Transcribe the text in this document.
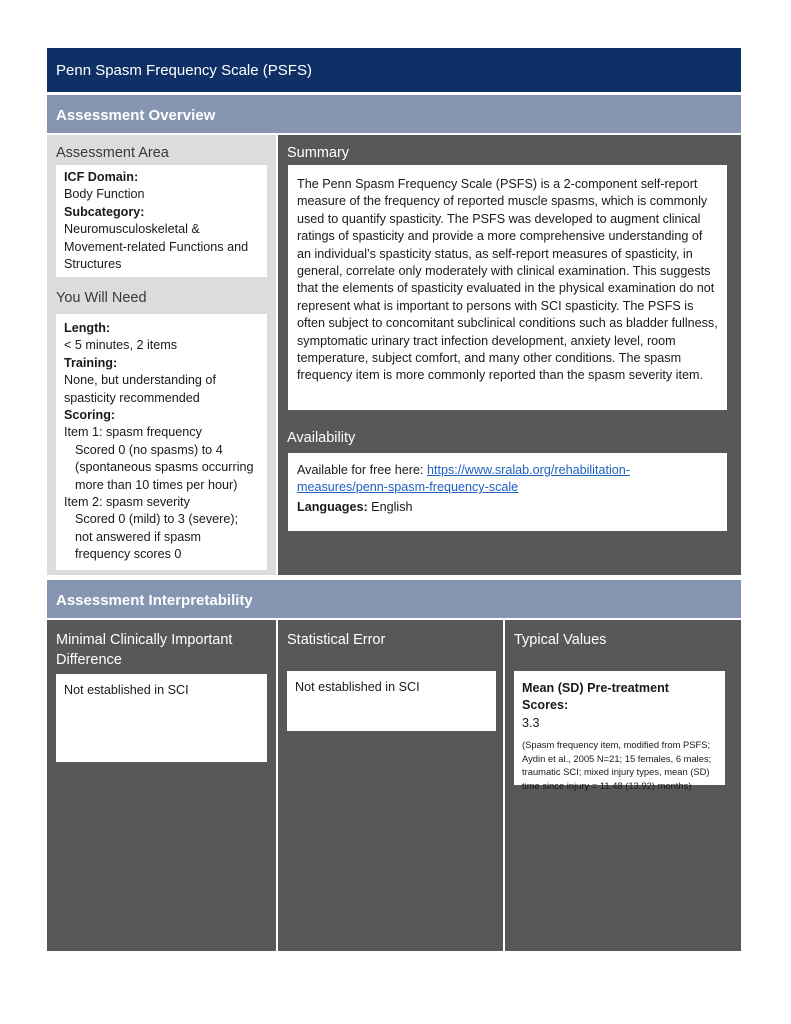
Penn Spasm Frequency Scale (PSFS)
Assessment Overview
Assessment Area
ICF Domain:
Body Function
Subcategory:
Neuromusculoskeletal & Movement-related Functions and Structures
You Will Need
Length:
< 5 minutes, 2 items
Training:
None, but understanding of spasticity recommended
Scoring:
Item 1: spasm frequency
Scored 0 (no spasms) to 4 (spontaneous spasms occurring more than 10 times per hour)
Item 2: spasm severity
Scored 0 (mild) to 3 (severe); not answered if spasm frequency scores 0
Summary
The Penn Spasm Frequency Scale (PSFS) is a 2-component self-report measure of the frequency of reported muscle spasms, which is commonly used to quantify spasticity. The PSFS was developed to augment clinical ratings of spasticity and provide a more comprehensive understanding of an individual’s spasticity status, as self-report measures of spasticity, in general, correlate only moderately with clinical examination. This suggests that the elements of spasticity evaluated in the physical examination do not represent what is important to persons with SCI spasticity. The PSFS is often subject to concomitant subclinical conditions such as bladder fullness, symptomatic urinary tract infection development, anxiety level, room temperature, subject comfort, and many other conditions. The spasm frequency item is more commonly reported than the spasm severity item.
Availability
Available for free here: https://www.sralab.org/rehabilitation-measures/penn-spasm-frequency-scale
Languages: English
Assessment Interpretability
Minimal Clinically Important Difference
Not established in SCI
Statistical Error
Not established in SCI
Typical Values
Mean (SD) Pre-treatment Scores:
3.3
(Spasm frequency item, modified from PSFS; Aydin et al., 2005 N=21; 15 females, 6 males; traumatic SCI; mixed injury types, mean (SD) time since injury = 11.48 (13.92) months)
